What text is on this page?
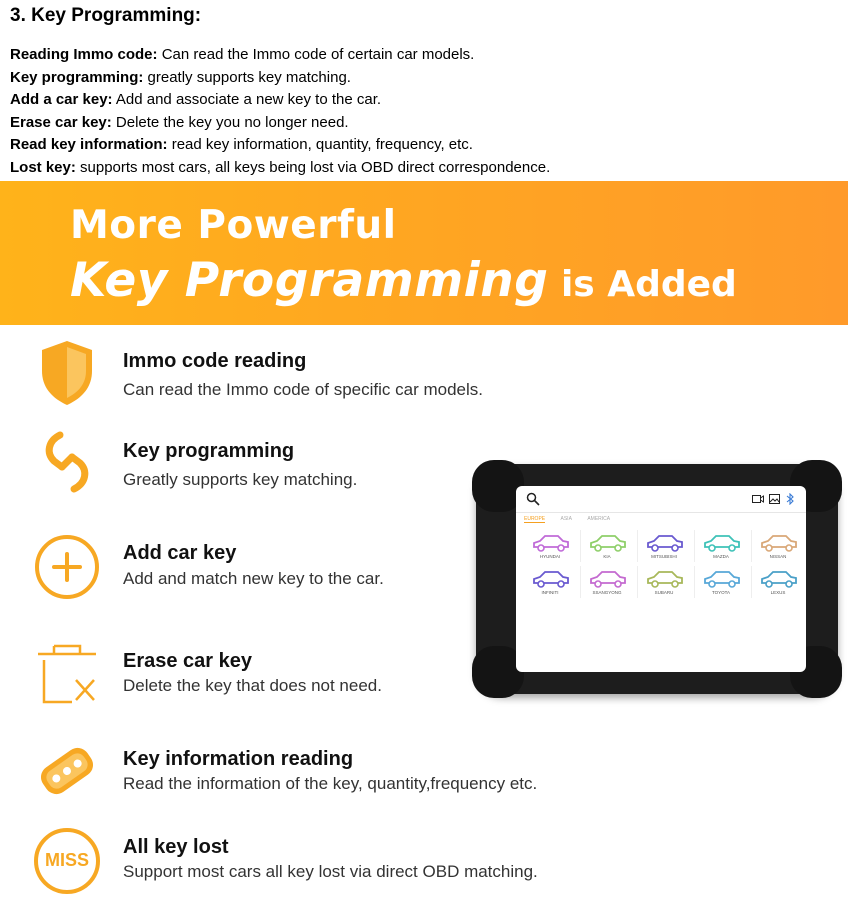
3. Key Programming:
Reading Immo code: Can read the Immo code of certain car models.
Key programming: greatly supports key matching.
Add a car key: Add and associate a new key to the car.
Erase car key: Delete the key you no longer need.
Read key information: read key information, quantity, frequency, etc.
Lost key: supports most cars, all keys being lost via OBD direct correspondence.
More Powerful
Key Programming is Added
Immo code reading
Can read the Immo code of specific car models.
Key programming
Greatly supports key matching.
Add car key
Add and match new key to the car.
Erase car key
Delete the key that does not need.
Key information reading
Read the information of the key, quantity,frequency etc.
MISS
All key lost
Support most cars all key lost via direct OBD matching.
EUROPE	ASIA	AMERICA
HYUNDAI	KIA	MITSUBISHI	MAZDA	NISSAN
INFINITI	SSANGYONG	SUBARU	TOYOTA	LEXUS
